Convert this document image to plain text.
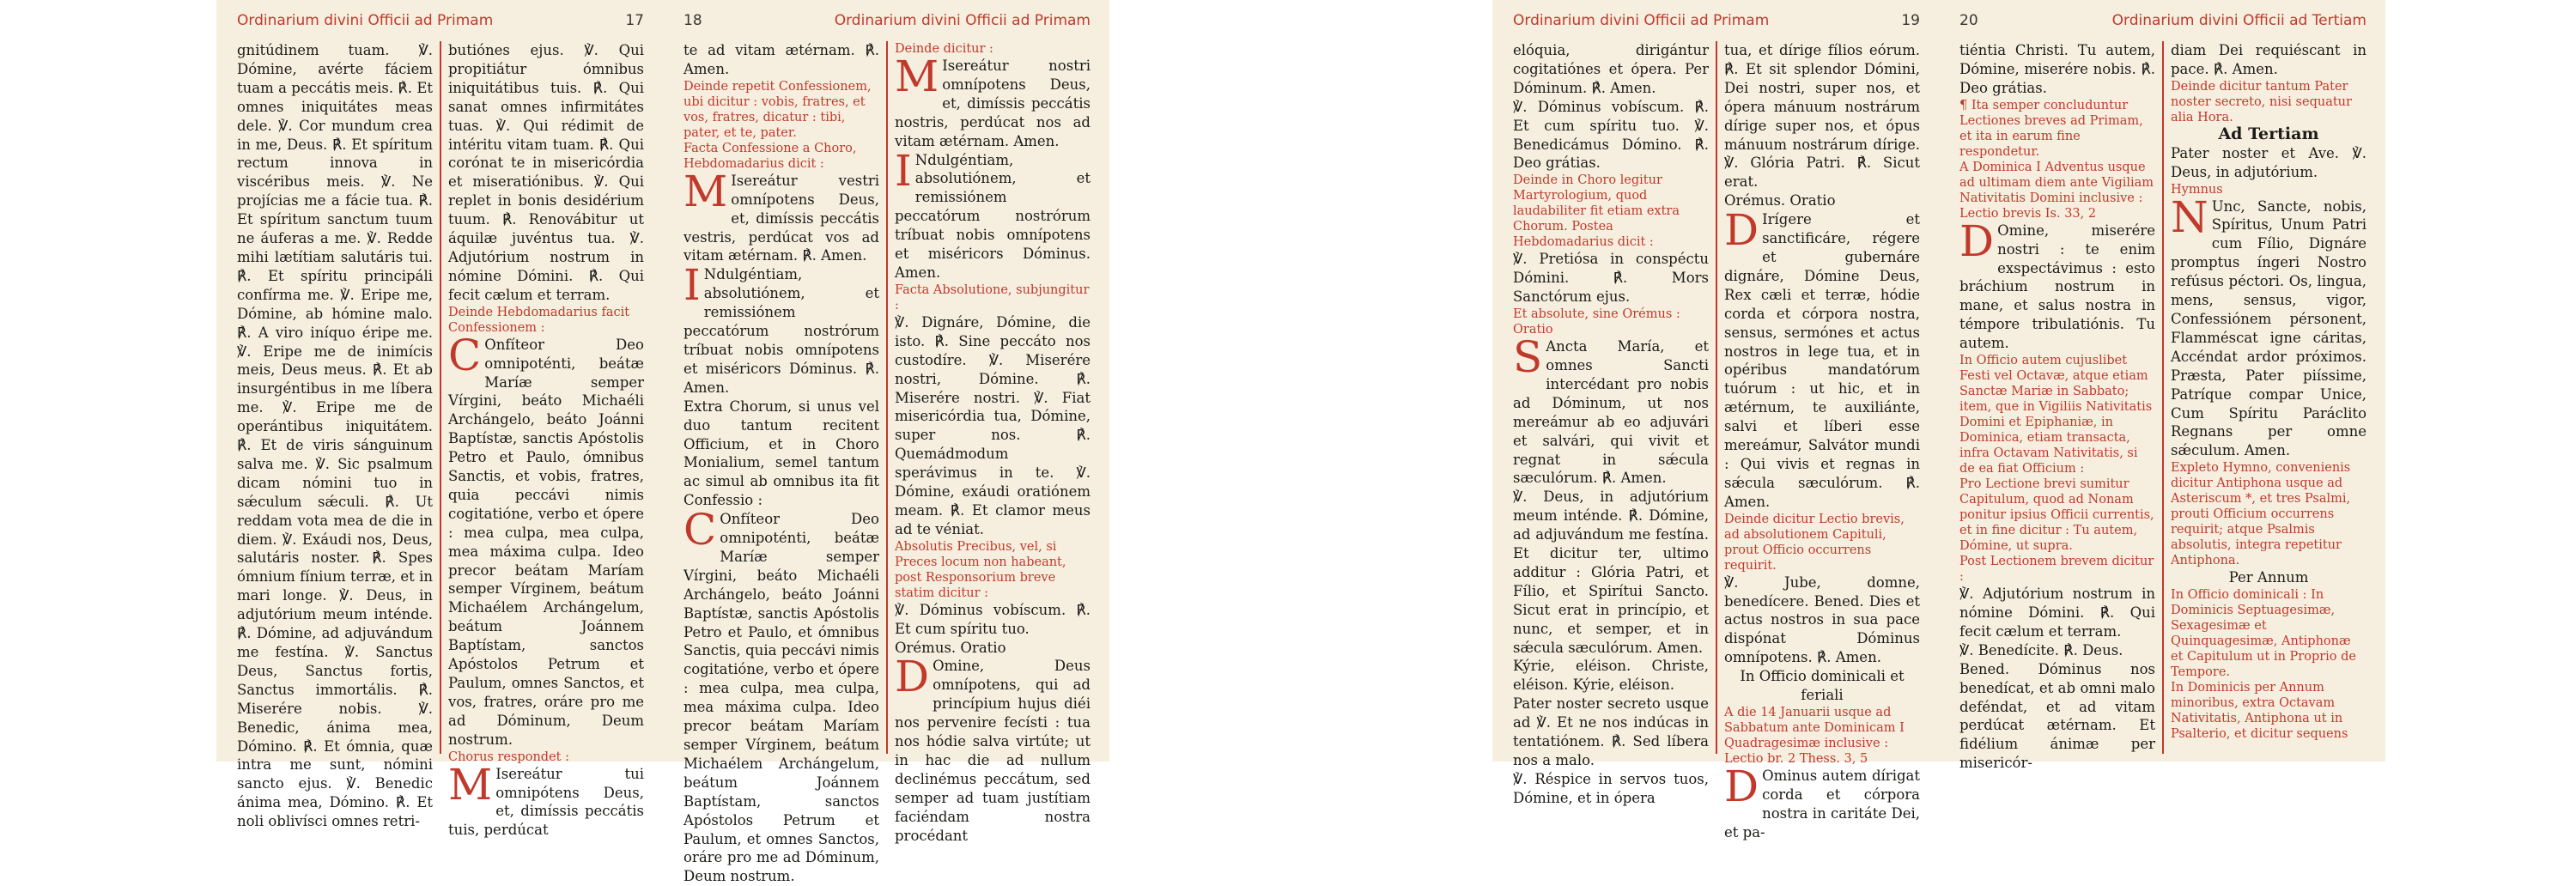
Ordinarium divini Officii ad Primam	17

gnitúdinem tuam. ℣. Dómine, avérte fáciem tuam a peccátis meis. ℟. Et omnes iniquitátes meas dele. ℣. Cor mundum crea in me, Deus. ℟. Et spíritum rectum innova in viscéribus meis. ℣. Ne projícias me a fácie tua. ℟. Et spíritum sanctum tuum ne áuferas a me. ℣. Redde mihi lætítiam salutáris tui. ℟. Et spíritu principáli confírma me. ℣. Eripe me, Dómine, ab hómine malo. ℟. A viro iníquo éripe me. ℣. Eripe me de inimícis meis, Deus meus. ℟. Et ab insurgéntibus in me líbera me. ℣. Eripe me de operántibus iniquitátem. ℟. Et de viris sánguinum salva me. ℣. Sic psalmum dicam nómini tuo in sǽculum sǽculi. ℟. Ut reddam vota mea de die in diem. ℣. Exáudi nos, Deus, salutáris noster. ℟. Spes ómnium fínium terræ, et in mari longe. ℣. Deus, in adjutórium meum inténde. ℟. Dómine, ad adjuvándum me festína. ℣. Sanctus Deus, Sanctus fortis, Sanctus immortális. ℟. Miserére nobis. ℣. Benedic, ánima mea, Dómino. ℟. Et ómnia, quæ intra me sunt, nómini sancto ejus. ℣. Benedic ánima mea, Dómino. ℟. Et noli oblivísci omnes retri-

butiónes ejus. ℣. Qui propitiátur ómnibus iniquitátibus tuis. ℟. Qui sanat omnes infirmitátes tuas. ℣. Qui rédimit de intéritu vitam tuam. ℟. Qui corónat te in misericórdia et miseratiónibus. ℣. Qui replet in bonis desidérium tuum. ℟. Renovábitur ut áquilæ juvéntus tua. ℣. Adjutórium nostrum in nómine Dómini. ℟. Qui fecit cælum et terram.

Deinde Hebdomadarius facit Confessionem :

C Onfíteor Deo omnipoténti, beátæ Maríæ semper Vírgini, beáto Michaéli Archángelo, beáto Joánni Baptístæ, sanctis Apóstolis Petro et Paulo, ómnibus Sanctis, et vobis, fratres, quia peccávi nimis cogitatióne, verbo et ópere : mea culpa, mea culpa, mea máxima culpa. Ideo precor beátam Maríam semper Vírginem, beátum Michaélem Archángelum, beátum Joánnem Baptístam, sanctos Apóstolos Petrum et Paulum, omnes Sanctos, et vos, fratres, oráre pro me ad Dóminum, Deum nostrum.

Chorus respondet :

M Isereátur tui omnipótens Deus, et, dimíssis peccátis tuis, perdúcat

18	Ordinarium divini Officii ad Primam

te ad vitam ætérnam. ℟. Amen.

Deinde repetit Confessionem, ubi dicitur : vobis, fratres, et vos, fratres, dicatur : tibi, pater, et te, pater.

Facta Confessione a Choro, Hebdomadarius dicit :

M Isereátur vestri omnípotens Deus, et, dimíssis peccátis vestris, perdúcat vos ad vitam ætérnam. ℟. Amen.

I Ndulgéntiam, absolutiónem, et remissiónem peccatórum nostrórum tríbuat nobis omnípotens et miséricors Dóminus. ℟. Amen.

Extra Chorum, si unus vel duo tantum recitent Officium, et in Choro Monialium, semel tantum ac simul ab omnibus ita fit Confessio :

C Onfíteor Deo omnipoténti, beátæ Maríæ semper Vírgini, beáto Michaéli Archángelo, beáto Joánni Baptístæ, sanctis Apóstolis Petro et Paulo, et ómnibus Sanctis, quia peccávi nimis cogitatióne, verbo et ópere : mea culpa, mea culpa, mea máxima culpa. Ideo precor beátam Maríam semper Vírginem, beátum Michaélem Archángelum, beátum Joánnem Baptístam, sanctos Apóstolos Petrum et Paulum, et omnes Sanctos, oráre pro me ad Dóminum, Deum nostrum.

Deinde dicitur :

M Isereátur nostri omnípotens Deus, et, dimíssis peccátis nostris, perdúcat nos ad vitam ætérnam. Amen.

I Ndulgéntiam, absolutiónem, et remissiónem peccatórum nostrórum tríbuat nobis omnípotens et miséricors Dóminus. Amen.

Facta Absolutione, subjungitur :

℣. Dignáre, Dómine, die isto. ℟. Sine peccáto nos custodíre. ℣. Miserére nostri, Dómine. ℟. Miserére nostri. ℣. Fiat misericórdia tua, Dómine, super nos. ℟. Quemádmodum sperávimus in te. ℣. Dómine, exáudi oratiónem meam. ℟. Et clamor meus ad te véniat.

Absolutis Precibus, vel, si Preces locum non habeant, post Responsorium breve statim dicitur :

℣. Dóminus vobíscum. ℟. Et cum spíritu tuo.

Orémus. Oratio

D Omine, Deus omnípotens, qui ad princípium hujus diéi nos pervenire fecísti : tua nos hódie salva virtúte; ut in hac die ad nullum declinémus peccátum, sed semper ad tuam justítiam faciéndam nostra procédant

Ordinarium divini Officii ad Primam	19

elóquia, dirigántur cogitatiónes et ópera. Per Dóminum. ℟. Amen.

℣. Dóminus vobíscum. ℟. Et cum spíritu tuo. ℣. Benedicámus Dómino. ℟. Deo grátias.

Deinde in Choro legitur Martyrologium, quod laudabiliter fit etiam extra Chorum. Postea Hebdomadarius dicit :

℣. Pretiósa in conspéctu Dómini. ℟. Mors Sanctórum ejus.

Et absolute, sine Orémus :

Oratio

S Ancta María, et omnes Sancti intercédant pro nobis ad Dóminum, ut nos mereámur ab eo adjuvári et salvári, qui vivit et regnat in sǽcula sæculórum. ℟. Amen.

℣. Deus, in adjutórium meum inténde. ℟. Dómine, ad adjuvándum me festína. Et dicitur ter, ultimo additur : Glória Patri, et Fílio, et Spirítui Sancto. Sicut erat in princípio, et nunc, et semper, et in sǽcula sæculórum. Amen.

Kýrie, eléison. Christe, eléison. Kýrie, eléison.

Pater noster secreto usque ad ℣. Et ne nos indúcas in tentatiónem. ℟. Sed líbera nos a malo.

℣. Réspice in servos tuos, Dómine, et in ópera

tua, et dírige fílios eórum. ℟. Et sit splendor Dómini, Dei nostri, super nos, et ópera mánuum nostrárum dírige super nos, et ópus mánuum nostrárum dírige. ℣. Glória Patri. ℟. Sicut erat.

Orémus. Oratio

D Irígere et sanctificáre, régere et gubernáre dignáre, Dómine Deus, Rex cæli et terræ, hódie corda et córpora nostra, sensus, sermónes et actus nostros in lege tua, et in opéribus mandatórum tuórum : ut hic, et in ætérnum, te auxiliánte, salvi et líberi esse mereámur, Salvátor mundi : Qui vivis et regnas in sǽcula sæculórum. ℟. Amen.

Deinde dicitur Lectio brevis, ad absolutionem Capituli, prout Officio occurrens requirit.

℣. Jube, domne, benedícere. Bened. Dies et actus nostros in sua pace dispónat Dóminus omnípotens. ℟. Amen.

In Officio dominicali et feriali

A die 14 Januarii usque ad Sabbatum ante Dominicam I Quadragesimæ inclusive :

Lectio br. 2 Thess. 3, 5

D Ominus autem dírigat corda et córpora nostra in caritáte Dei, et pa-

20	Ordinarium divini Officii ad Tertiam

tiéntia Christi. Tu autem, Dómine, miserére nobis. ℟. Deo grátias.

¶ Ita semper concluduntur Lectiones breves ad Primam, et ita in earum fine respondetur.

A Dominica I Adventus usque ad ultimam diem ante Vigiliam Nativitatis Domini inclusive :

Lectio brevis Is. 33, 2

D Omine, miserére nostri : te enim exspectávimus : esto bráchium nostrum in mane, et salus nostra in témpore tribulatiónis. Tu autem.

In Officio autem cujuslibet Festi vel Octavæ, atque etiam Sanctæ Mariæ in Sabbato; item, que in Vigiliis Nativitatis Domini et Epiphaniæ, in Dominica, etiam transacta, infra Octavam Nativitatis, si de ea fiat Officium :

Pro Lectione brevi sumitur Capitulum, quod ad Nonam ponitur ipsius Officii currentis, et in fine dicitur : Tu autem, Dómine, ut supra.

Post Lectionem brevem dicitur :

℣. Adjutórium nostrum in nómine Dómini. ℟. Qui fecit cælum et terram.

℣. Benedícite. ℟. Deus.

Bened. Dóminus nos benedícat, et ab omni malo deféndat, et ad vitam perdúcat ætérnam. Et fidélium ánimæ per misericór-

diam Dei requiéscant in pace. ℟. Amen.

Deinde dicitur tantum Pater noster secreto, nisi sequatur alia Hora.

Ad Tertiam

Pater noster et Ave. ℣. Deus, in adjutórium.

Hymnus

N Unc, Sancte, nobis, Spíritus, Unum Patri cum Fílio, Dignáre promptus íngeri Nostro refúsus péctori. Os, lingua, mens, sensus, vigor, Confessiónem pérsonent, Flamméscat igne cáritas, Accéndat ardor próximos. Præsta, Pater piíssime, Patríque compar Unice, Cum Spíritu Paráclito Regnans per omne sǽculum. Amen.

Expleto Hymno, convenienis dicitur Antiphona usque ad Asteriscum *, et tres Psalmi, prouti Officium occurrens requirit; atque Psalmis absolutis, integra repetitur Antiphona.

Per Annum

In Officio dominicali : In Dominicis Septuagesimæ, Sexagesimæ et Quinquagesimæ, Antiphonæ et Capitulum ut in Proprio de Tempore.

In Dominicis per Annum minoribus, extra Octavam Nativitatis, Antiphona ut in Psalterio, et dicitur sequens
